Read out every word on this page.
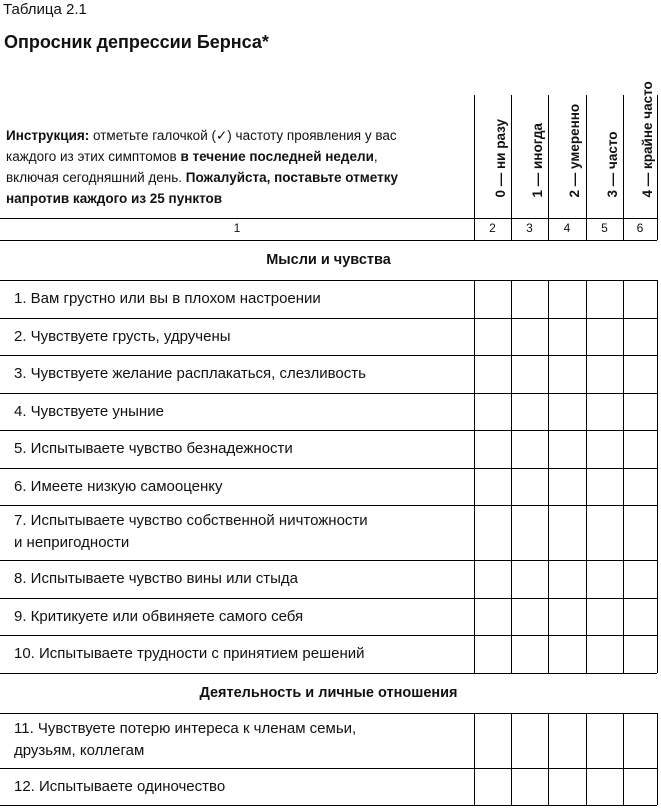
Таблица 2.1
Опросник депрессии Бернса*
Инструкция: отметьте галочкой (✓) частоту проявления у вас каждого из этих симптомов в течение последней недели, включая сегодняшний день. Пожалуйста, поставьте отметку напротив каждого из 25 пунктов
0 — ни разу 1 — иногда 2 — умеренно 3 — часто 4 — крайне часто
1	2	3	4	5	6
Мысли и чувства
1. Вам грустно или вы в плохом настроении
2. Чувствуете грусть, удручены
3. Чувствуете желание расплакаться, слезливость
4. Чувствуете уныние
5. Испытываете чувство безнадежности
6. Имеете низкую самооценку
7. Испытываете чувство собственной ничтожности
и непригодности
8. Испытываете чувство вины или стыда
9. Критикуете или обвиняете самого себя
10. Испытываете трудности с принятием решений
Деятельность и личные отношения
11. Чувствуете потерю интереса к членам семьи,
друзьям, коллегам
12. Испытываете одиночество
